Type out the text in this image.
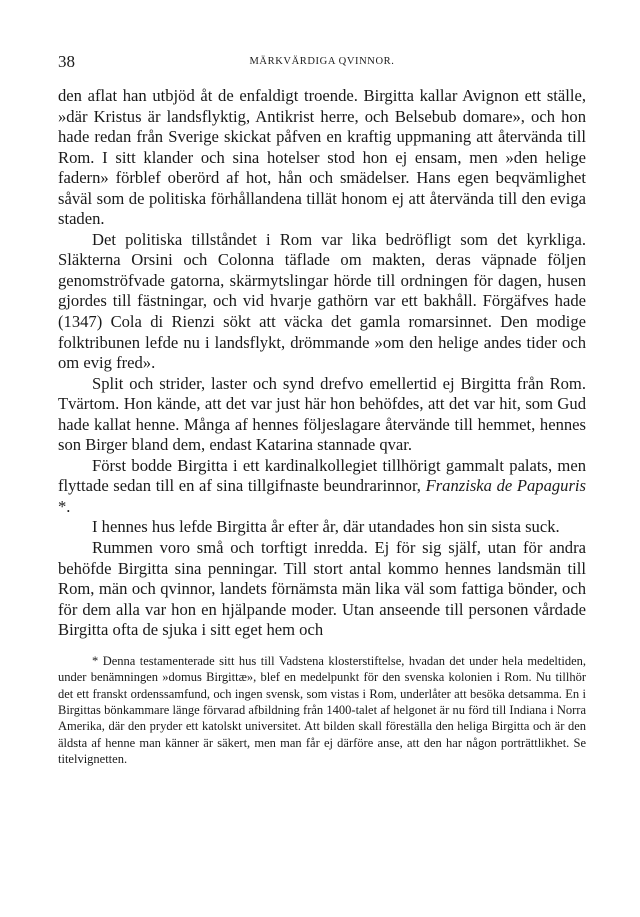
38	MÄRKVÄRDIGA QVINNOR.

den aflat han utbjöd åt de enfaldigt troende. Birgitta kallar Avignon ett ställe, »där Kristus är landsflyktig, Antikrist herre, och Belsebub domare», och hon hade redan från Sverige skickat påfven en kraftig uppmaning att återvända till Rom. I sitt klander och sina hotelser stod hon ej ensam, men »den helige fadern» förblef oberörd af hot, hån och smädelser. Hans egen beqvämlighet såväl som de politiska förhållandena tillät honom ej att återvända till den eviga staden.

Det politiska tillståndet i Rom var lika bedröfligt som det kyrkliga. Släkterna Orsini och Colonna täflade om makten, deras väpnade följen genomströfvade gatorna, skärmytslingar hörde till ordningen för dagen, husen gjordes till fästningar, och vid hvarje gathörn var ett bakhåll. Förgäfves hade (1347) Cola di Rienzi sökt att väcka det gamla romarsinnet. Den modige folktribunen lefde nu i landsflykt, drömmande »om den helige andes tider och om evig fred».

Split och strider, laster och synd drefvo emellertid ej Birgitta från Rom. Tvärtom. Hon kände, att det var just här hon behöfdes, att det var hit, som Gud hade kallat henne. Många af hennes följeslagare återvände till hemmet, hennes son Birger bland dem, endast Katarina stannade qvar.

Först bodde Birgitta i ett kardinalkollegiet tillhörigt gammalt palats, men flyttade sedan till en af sina tillgifnaste beundrarinnor, Franziska de Papaguris *.

I hennes hus lefde Birgitta år efter år, där utandades hon sin sista suck.

Rummen voro små och torftigt inredda. Ej för sig själf, utan för andra behöfde Birgitta sina penningar. Till stort antal kommo hennes landsmän till Rom, män och qvinnor, landets förnämsta män lika väl som fattiga bönder, och för dem alla var hon en hjälpande moder. Utan anseende till personen vårdade Birgitta ofta de sjuka i sitt eget hem och

* Denna testamenterade sitt hus till Vadstena klosterstiftelse, hvadan det under hela medeltiden, under benämningen »domus Birgittæ», blef en medelpunkt för den svenska kolonien i Rom. Nu tillhör det ett franskt ordenssamfund, och ingen svensk, som vistas i Rom, underlåter att besöka detsamma. En i Birgittas bönkammare länge förvarad afbildning från 1400-talet af helgonet är nu förd till Indiana i Norra Amerika, där den pryder ett katolskt universitet. Att bilden skall föreställa den heliga Birgitta och är den äldsta af henne man känner är säkert, men man får ej därföre anse, att den har någon porträttlikhet. Se titelvignetten.
